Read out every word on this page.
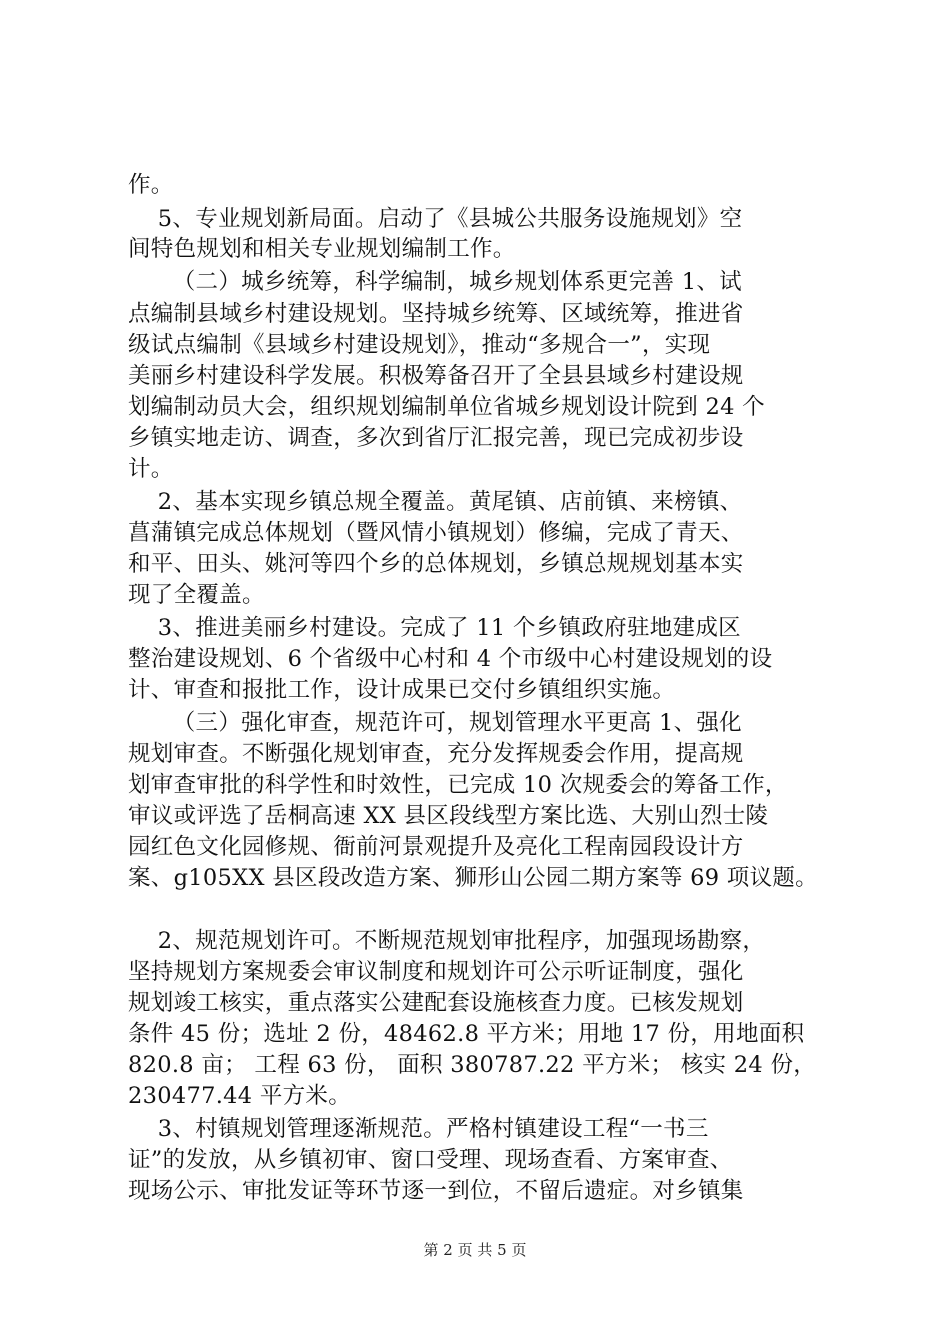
作。
5、专业规划新局面。启动了《县城公共服务设施规划》空
间特色规划和相关专业规划编制工作。
（二）城乡统筹，科学编制，城乡规划体系更完善 1、试
点编制县域乡村建设规划。坚持城乡统筹、区域统筹，推进省
级试点编制《县域乡村建设规划》，推动“多规合一”，实现
美丽乡村建设科学发展。积极筹备召开了全县县域乡村建设规
划编制动员大会，组织规划编制单位省城乡规划设计院到 24 个
乡镇实地走访、调查，多次到省厅汇报完善，现已完成初步设
计。
2、基本实现乡镇总规全覆盖。黄尾镇、店前镇、来榜镇、
菖蒲镇完成总体规划（暨风情小镇规划）修编，完成了青天、
和平、田头、姚河等四个乡的总体规划，乡镇总规规划基本实
现了全覆盖。
3、推进美丽乡村建设。完成了 11 个乡镇政府驻地建成区
整治建设规划、6 个省级中心村和 4 个市级中心村建设规划的设
计、审查和报批工作，设计成果已交付乡镇组织实施。
（三）强化审查，规范许可，规划管理水平更高 1、强化
规划审查。不断强化规划审查，充分发挥规委会作用，提高规
划审查审批的科学性和时效性，已完成 10 次规委会的筹备工作，
审议或评选了岳桐高速 XX 县区段线型方案比选、大别山烈士陵
园红色文化园修规、衙前河景观提升及亮化工程南园段设计方
案、g105XX 县区段改造方案、狮形山公园二期方案等 69 项议题。
2、规范规划许可。不断规范规划审批程序，加强现场勘察，
坚持规划方案规委会审议制度和规划许可公示听证制度，强化
规划竣工核实，重点落实公建配套设施核查力度。已核发规划
条件 45 份；选址 2 份，48462.8 平方米；用地 17 份，用地面积
820.8 亩； 工程 63 份， 面积 380787.22 平方米； 核实 24 份，
230477.44 平方米。
3、村镇规划管理逐渐规范。严格村镇建设工程“一书三
证”的发放，从乡镇初审、窗口受理、现场查看、方案审查、
现场公示、审批发证等环节逐一到位，不留后遗症。对乡镇集
第 2 页 共 5 页
